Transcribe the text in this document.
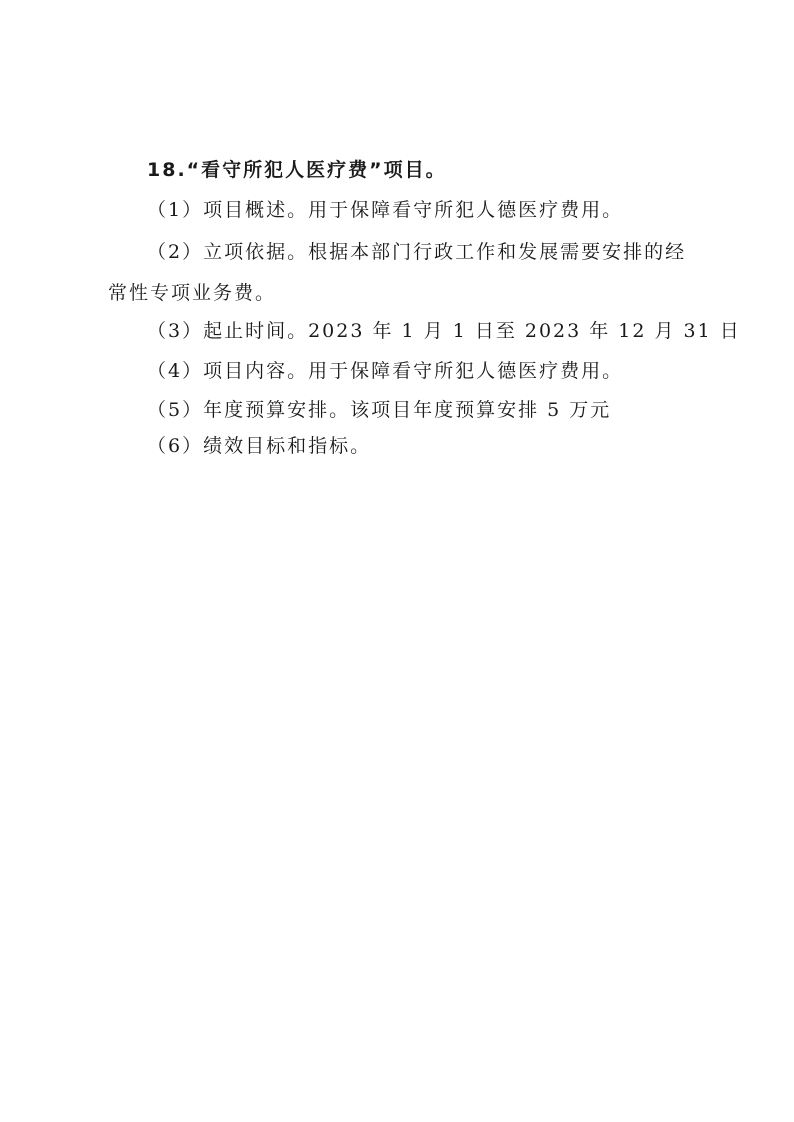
18.“看守所犯人医疗费”项目。
（1）项目概述。用于保障看守所犯人德医疗费用。
（2）立项依据。根据本部门行政工作和发展需要安排的经
常性专项业务费。
（3）起止时间。2023 年 1 月 1 日至 2023 年 12 月 31 日
（4）项目内容。用于保障看守所犯人德医疗费用。
（5）年度预算安排。该项目年度预算安排 5 万元
（6）绩效目标和指标。
